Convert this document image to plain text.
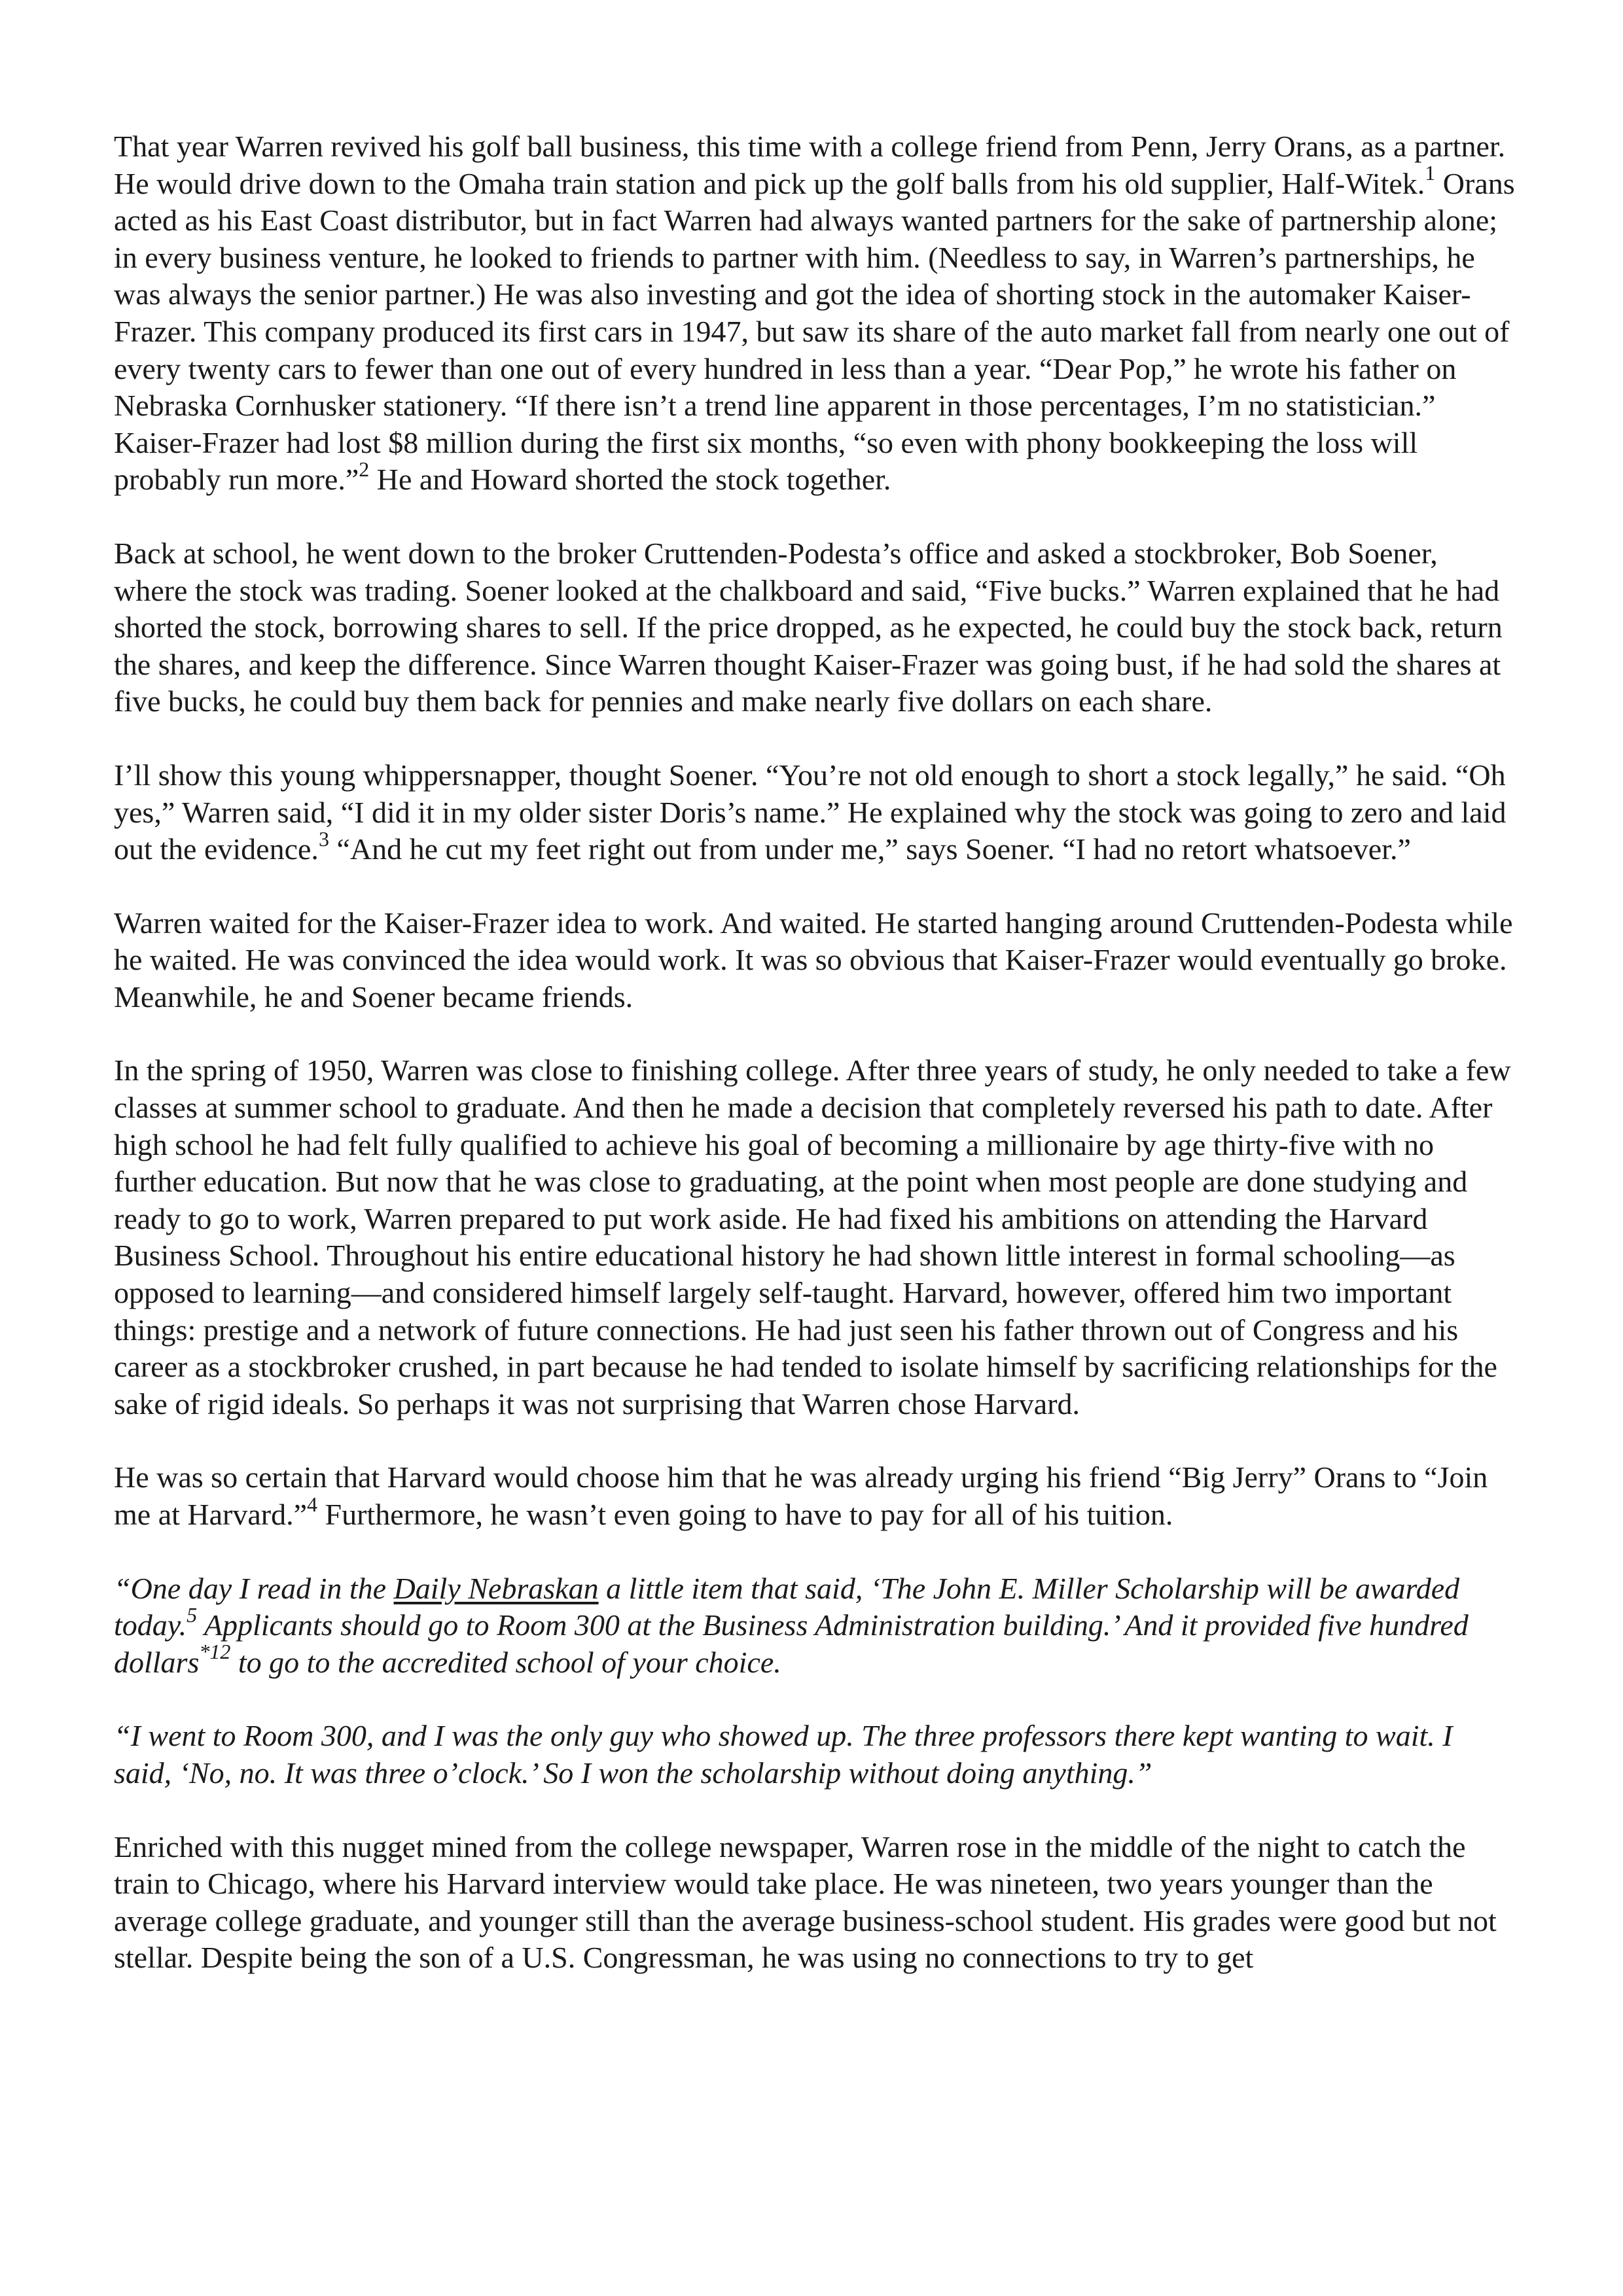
That year Warren revived his golf ball business, this time with a college friend from Penn, Jerry Orans, as a partner. He would drive down to the Omaha train station and pick up the golf balls from his old supplier, Half-Witek.$^1$ Orans acted as his East Coast distributor, but in fact Warren had always wanted partners for the sake of partnership alone; in every business venture, he looked to friends to partner with him. (Needless to say, in Warren’s partnerships, he was always the senior partner.) He was also investing and got the idea of shorting stock in the automaker Kaiser-Frazer. This company produced its first cars in 1947, but saw its share of the auto market fall from nearly one out of every twenty cars to fewer than one out of every hundred in less than a year. “Dear Pop,” he wrote his father on Nebraska Cornhusker stationery. “If there isn’t a trend line apparent in those percentages, I’m no statistician.” Kaiser-Frazer had lost $8 million during the first six months, “so even with phony bookkeeping the loss will probably run more.”$^2$ He and Howard shorted the stock together.

Back at school, he went down to the broker Cruttenden-Podesta’s office and asked a stockbroker, Bob Soener, where the stock was trading. Soener looked at the chalkboard and said, “Five bucks.” Warren explained that he had shorted the stock, borrowing shares to sell. If the price dropped, as he expected, he could buy the stock back, return the shares, and keep the difference. Since Warren thought Kaiser-Frazer was going bust, if he had sold the shares at five bucks, he could buy them back for pennies and make nearly five dollars on each share.

I’ll show this young whippersnapper, thought Soener. “You’re not old enough to short a stock legally,” he said. “Oh yes,” Warren said, “I did it in my older sister Doris’s name.” He explained why the stock was going to zero and laid out the evidence.$^3$ “And he cut my feet right out from under me,” says Soener. “I had no retort whatsoever.”

Warren waited for the Kaiser-Frazer idea to work. And waited. He started hanging around Cruttenden-Podesta while he waited. He was convinced the idea would work. It was so obvious that Kaiser-Frazer would eventually go broke. Meanwhile, he and Soener became friends.

In the spring of 1950, Warren was close to finishing college. After three years of study, he only needed to take a few classes at summer school to graduate. And then he made a decision that completely reversed his path to date. After high school he had felt fully qualified to achieve his goal of becoming a millionaire by age thirty-five with no further education. But now that he was close to graduating, at the point when most people are done studying and ready to go to work, Warren prepared to put work aside. He had fixed his ambitions on attending the Harvard Business School. Throughout his entire educational history he had shown little interest in formal schooling—as opposed to learning—and considered himself largely self-taught. Harvard, however, offered him two important things: prestige and a network of future connections. He had just seen his father thrown out of Congress and his career as a stockbroker crushed, in part because he had tended to isolate himself by sacrificing relationships for the sake of rigid ideals. So perhaps it was not surprising that Warren chose Harvard.

He was so certain that Harvard would choose him that he was already urging his friend “Big Jerry” Orans to “Join me at Harvard.”$^4$ Furthermore, he wasn’t even going to have to pay for all of his tuition.

“One day I read in the Daily Nebraskan a little item that said, ‘The John E. Miller Scholarship will be awarded today.$^5$ Applicants should go to Room 300 at the Business Administration building.’ And it provided five hundred dollars$^{*12}$ to go to the accredited school of your choice.

“I went to Room 300, and I was the only guy who showed up. The three professors there kept wanting to wait. I said, ‘No, no. It was three o’clock.’ So I won the scholarship without doing anything.”

Enriched with this nugget mined from the college newspaper, Warren rose in the middle of the night to catch the train to Chicago, where his Harvard interview would take place. He was nineteen, two years younger than the average college graduate, and younger still than the average business-school student. His grades were good but not stellar. Despite being the son of a U.S. Congressman, he was using no connections to try to get
